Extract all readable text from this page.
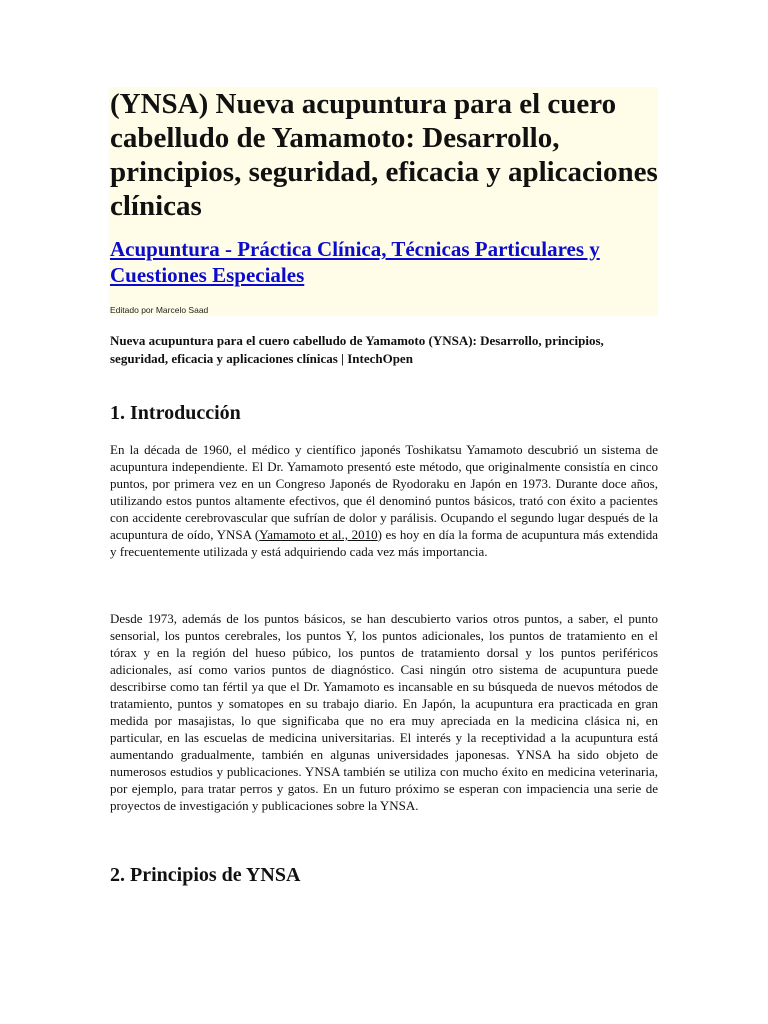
(YNSA) Nueva acupuntura para el cuero cabelludo de Yamamoto: Desarrollo, principios, seguridad, eficacia y aplicaciones clínicas
Acupuntura - Práctica Clínica, Técnicas Particulares y Cuestiones Especiales

Editado por Marcelo Saad

Nueva acupuntura para el cuero cabelludo de Yamamoto (YNSA): Desarrollo, principios, seguridad, eficacia y aplicaciones clínicas | IntechOpen

1. Introducción

En la década de 1960, el médico y científico japonés Toshikatsu Yamamoto descubrió un sistema de acupuntura independiente. El Dr. Yamamoto presentó este método, que originalmente consistía en cinco puntos, por primera vez en un Congreso Japonés de Ryodoraku en Japón en 1973. Durante doce años, utilizando estos puntos altamente efectivos, que él denominó puntos básicos, trató con éxito a pacientes con accidente cerebrovascular que sufrían de dolor y parálisis. Ocupando el segundo lugar después de la acupuntura de oído, YNSA (Yamamoto et al., 2010) es hoy en día la forma de acupuntura más extendida y frecuentemente utilizada y está adquiriendo cada vez más importancia.

Desde 1973, además de los puntos básicos, se han descubierto varios otros puntos, a saber, el punto sensorial, los puntos cerebrales, los puntos Y, los puntos adicionales, los puntos de tratamiento en el tórax y en la región del hueso púbico, los puntos de tratamiento dorsal y los puntos periféricos adicionales, así como varios puntos de diagnóstico. Casi ningún otro sistema de acupuntura puede describirse como tan fértil ya que el Dr. Yamamoto es incansable en su búsqueda de nuevos métodos de tratamiento, puntos y somatopes en su trabajo diario. En Japón, la acupuntura era practicada en gran medida por masajistas, lo que significaba que no era muy apreciada en la medicina clásica ni, en particular, en las escuelas de medicina universitarias. El interés y la receptividad a la acupuntura está aumentando gradualmente, también en algunas universidades japonesas. YNSA ha sido objeto de numerosos estudios y publicaciones. YNSA también se utiliza con mucho éxito en medicina veterinaria, por ejemplo, para tratar perros y gatos. En un futuro próximo se esperan con impaciencia una serie de proyectos de investigación y publicaciones sobre la YNSA.

2. Principios de YNSA
